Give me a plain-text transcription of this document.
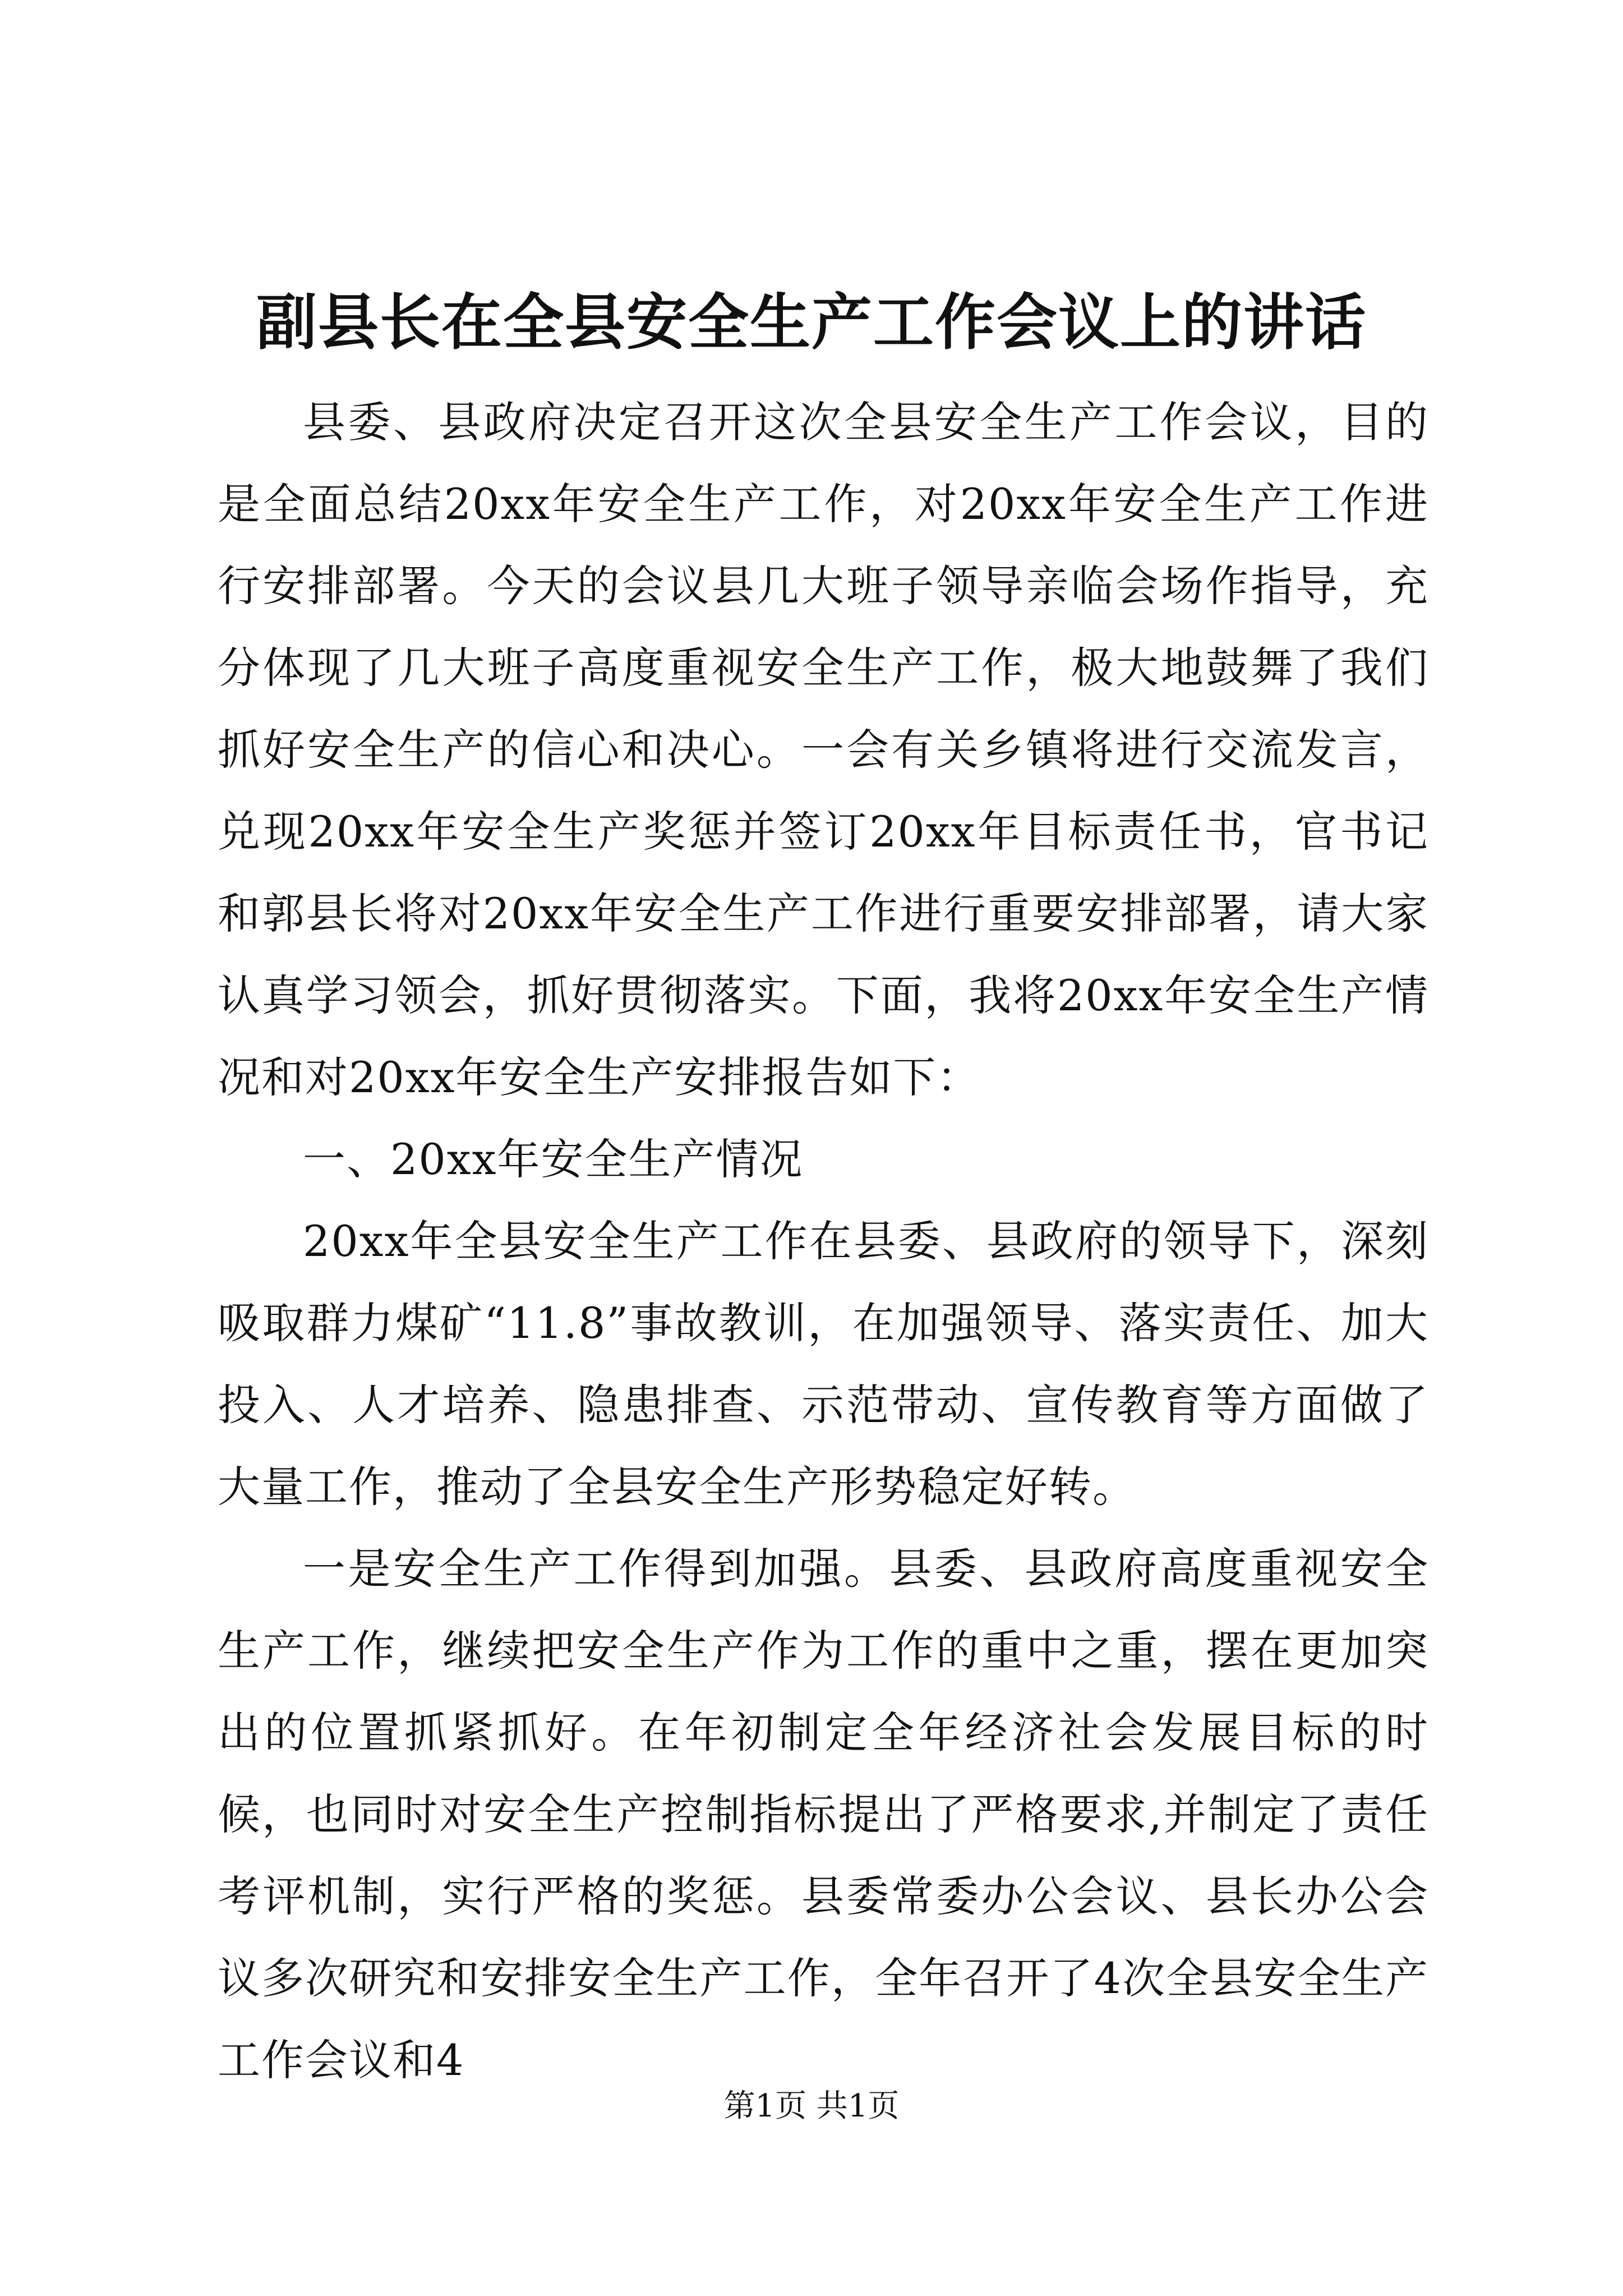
副县长在全县安全生产工作会议上的讲话

县委、县政府决定召开这次全县安全生产工作会议，目的是全面总结20xx年安全生产工作，对20xx年安全生产工作进行安排部署。今天的会议县几大班子领导亲临会场作指导，充分体现了几大班子高度重视安全生产工作，极大地鼓舞了我们抓好安全生产的信心和决心。一会有关乡镇将进行交流发言，兑现20xx年安全生产奖惩并签订20xx年目标责任书，官书记和郭县长将对20xx年安全生产工作进行重要安排部署，请大家认真学习领会，抓好贯彻落实。下面，我将20xx年安全生产情况和对20xx年安全生产安排报告如下：

一、20xx年安全生产情况

20xx年全县安全生产工作在县委、县政府的领导下，深刻吸取群力煤矿“11.8”事故教训，在加强领导、落实责任、加大投入、人才培养、隐患排查、示范带动、宣传教育等方面做了大量工作，推动了全县安全生产形势稳定好转。

一是安全生产工作得到加强。县委、县政府高度重视安全生产工作，继续把安全生产作为工作的重中之重，摆在更加突出的位置抓紧抓好。在年初制定全年经济社会发展目标的时候，也同时对安全生产控制指标提出了严格要求,并制定了责任考评机制，实行严格的奖惩。县委常委办公会议、县长办公会议多次研究和安排安全生产工作，全年召开了4次全县安全生产工作会议和4

第1页 共1页
